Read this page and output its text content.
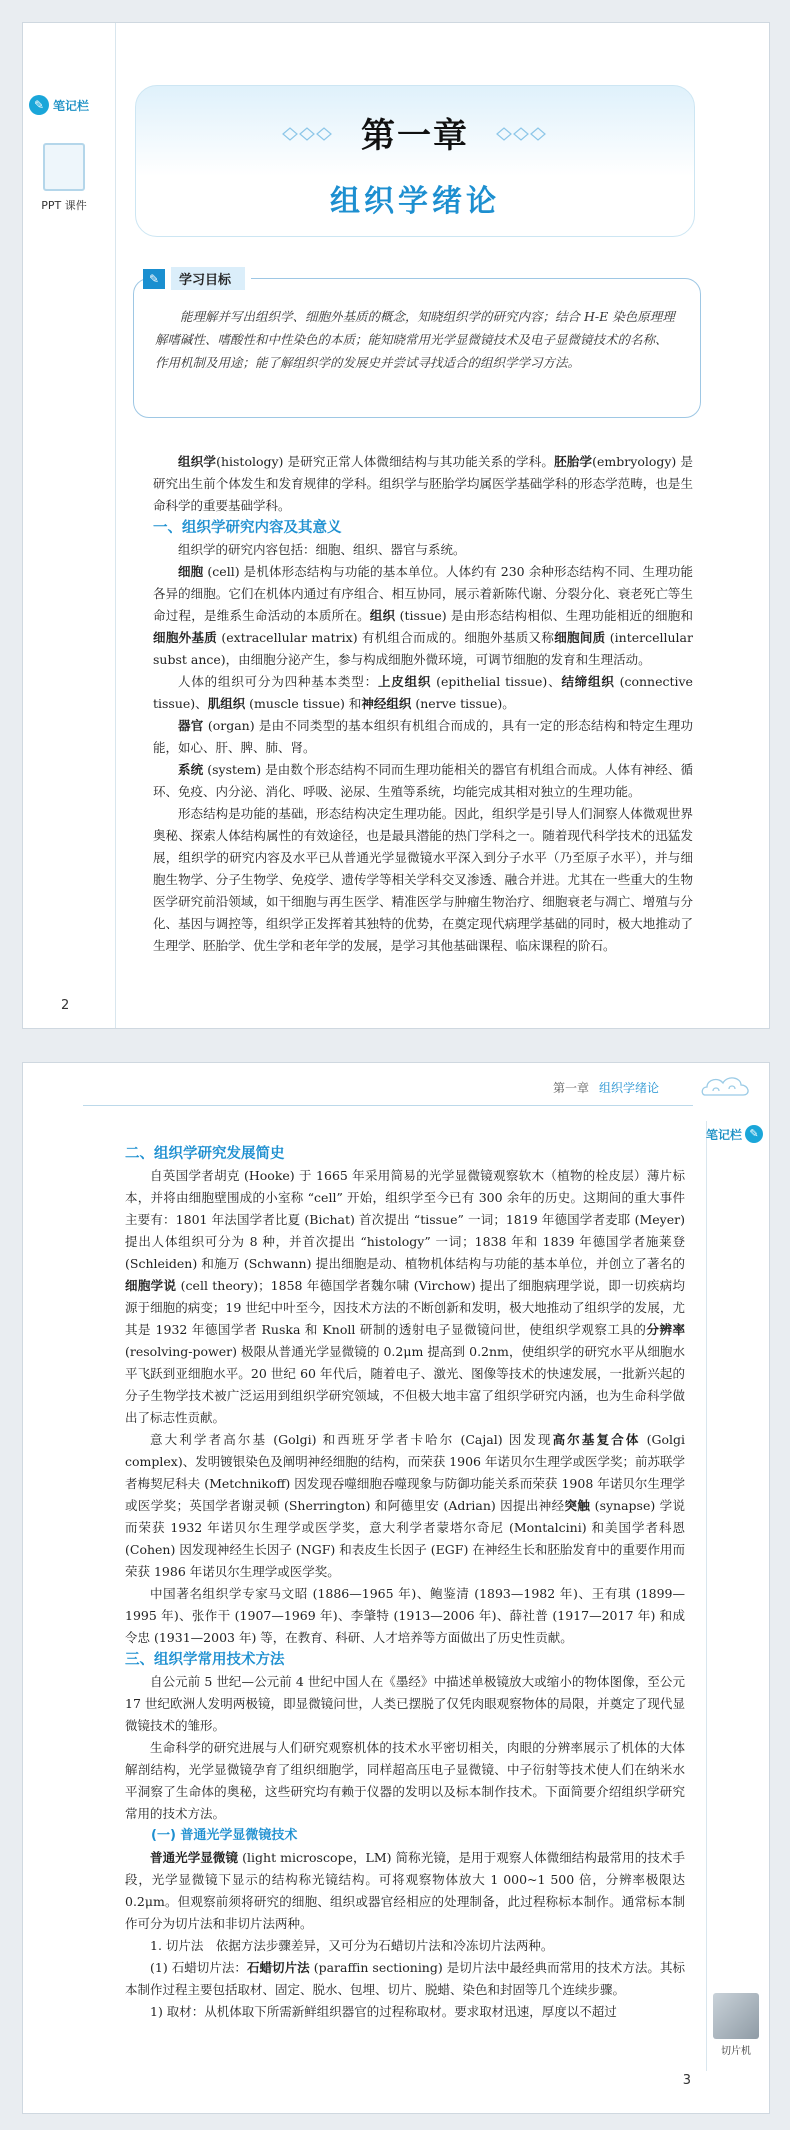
✎ 笔记栏
PPT 课件
第一章
组织学绪论
✎	学习目标
能理解并写出组织学、细胞外基质的概念，知晓组织学的研究内容；结合 H-E 染色原理理解嗜碱性、嗜酸性和中性染色的本质；能知晓常用光学显微镜技术及电子显微镜技术的名称、作用机制及用途；能了解组织学的发展史并尝试寻找适合的组织学学习方法。

组织学(histology) 是研究正常人体微细结构与其功能关系的学科。胚胎学(embryology) 是研究出生前个体发生和发育规律的学科。组织学与胚胎学均属医学基础学科的形态学范畴，也是生命科学的重要基础学科。

一、组织学研究内容及其意义

组织学的研究内容包括：细胞、组织、器官与系统。

细胞 (cell) 是机体形态结构与功能的基本单位。人体约有 230 余种形态结构不同、生理功能各异的细胞。它们在机体内通过有序组合、相互协同，展示着新陈代谢、分裂分化、衰老死亡等生命过程，是维系生命活动的本质所在。组织 (tissue) 是由形态结构相似、生理功能相近的细胞和细胞外基质 (extracellular matrix) 有机组合而成的。细胞外基质又称细胞间质 (intercellular subst ance)，由细胞分泌产生，参与构成细胞外微环境，可调节细胞的发育和生理活动。

人体的组织可分为四种基本类型：上皮组织 (epithelial tissue)、结缔组织 (connective tissue)、肌组织 (muscle tissue) 和神经组织 (nerve tissue)。

器官 (organ) 是由不同类型的基本组织有机组合而成的，具有一定的形态结构和特定生理功能，如心、肝、脾、肺、肾。

系统 (system) 是由数个形态结构不同而生理功能相关的器官有机组合而成。人体有神经、循环、免疫、内分泌、消化、呼吸、泌尿、生殖等系统，均能完成其相对独立的生理功能。

形态结构是功能的基础，形态结构决定生理功能。因此，组织学是引导人们洞察人体微观世界奥秘、探索人体结构属性的有效途径，也是最具潜能的热门学科之一。随着现代科学技术的迅猛发展，组织学的研究内容及水平已从普通光学显微镜水平深入到分子水平（乃至原子水平），并与细胞生物学、分子生物学、免疫学、遗传学等相关学科交叉渗透、融合并进。尤其在一些重大的生物医学研究前沿领域，如干细胞与再生医学、精准医学与肿瘤生物治疗、细胞衰老与凋亡、增殖与分化、基因与调控等，组织学正发挥着其独特的优势，在奠定现代病理学基础的同时，极大地推动了生理学、胚胎学、优生学和老年学的发展，是学习其他基础课程、临床课程的阶石。

2
第一章 组织学绪论
笔记栏 ✎

二、组织学研究发展简史

自英国学者胡克 (Hooke) 于 1665 年采用简易的光学显微镜观察软木（植物的栓皮层）薄片标本，并将由细胞壁围成的小室称 “cell” 开始，组织学至今已有 300 余年的历史。这期间的重大事件主要有：1801 年法国学者比夏 (Bichat) 首次提出 “tissue” 一词；1819 年德国学者麦耶 (Meyer) 提出人体组织可分为 8 种，并首次提出 “histology” 一词；1838 年和 1839 年德国学者施莱登 (Schleiden) 和施万 (Schwann) 提出细胞是动、植物机体结构与功能的基本单位，并创立了著名的细胞学说 (cell theory)；1858 年德国学者魏尔啸 (Virchow) 提出了细胞病理学说，即一切疾病均源于细胞的病变；19 世纪中叶至今，因技术方法的不断创新和发明，极大地推动了组织学的发展，尤其是 1932 年德国学者 Ruska 和 Knoll 研制的透射电子显微镜问世，使组织学观察工具的分辨率 (resolving-power) 极限从普通光学显微镜的 0.2μm 提高到 0.2nm，使组织学的研究水平从细胞水平飞跃到亚细胞水平。20 世纪 60 年代后，随着电子、激光、图像等技术的快速发展，一批新兴起的分子生物学技术被广泛运用到组织学研究领域，不但极大地丰富了组织学研究内涵，也为生命科学做出了标志性贡献。

意大利学者高尔基 (Golgi) 和西班牙学者卡哈尔 (Cajal) 因发现高尔基复合体 (Golgi complex)、发明镀银染色及阐明神经细胞的结构，而荣获 1906 年诺贝尔生理学或医学奖；前苏联学者梅契尼科夫 (Metchnikoff) 因发现吞噬细胞吞噬现象与防御功能关系而荣获 1908 年诺贝尔生理学或医学奖；英国学者谢灵顿 (Sherrington) 和阿德里安 (Adrian) 因提出神经突触 (synapse) 学说而荣获 1932 年诺贝尔生理学或医学奖，意大利学者蒙塔尔奇尼 (Montalcini) 和美国学者科恩 (Cohen) 因发现神经生长因子 (NGF) 和表皮生长因子 (EGF) 在神经生长和胚胎发育中的重要作用而荣获 1986 年诺贝尔生理学或医学奖。

中国著名组织学专家马文昭 (1886—1965 年)、鲍鉴清 (1893—1982 年)、王有琪 (1899—1995 年)、张作干 (1907—1969 年)、李肇特 (1913—2006 年)、薛社普 (1917—2017 年) 和成令忠 (1931—2003 年) 等，在教育、科研、人才培养等方面做出了历史性贡献。

三、组织学常用技术方法

自公元前 5 世纪—公元前 4 世纪中国人在《墨经》中描述单极镜放大或缩小的物体图像，至公元 17 世纪欧洲人发明两极镜，即显微镜问世，人类已摆脱了仅凭肉眼观察物体的局限，并奠定了现代显微镜技术的雏形。

生命科学的研究进展与人们研究观察机体的技术水平密切相关，肉眼的分辨率展示了机体的大体解剖结构，光学显微镜孕育了组织细胞学，同样超高压电子显微镜、中子衍射等技术使人们在纳米水平洞察了生命体的奥秘，这些研究均有赖于仪器的发明以及标本制作技术。下面简要介绍组织学研究常用的技术方法。

(一) 普通光学显微镜技术

普通光学显微镜 (light microscope，LM) 简称光镜，是用于观察人体微细结构最常用的技术手段，光学显微镜下显示的结构称光镜结构。可将观察物体放大 1 000~1 500 倍，分辨率极限达 0.2μm。但观察前须将研究的细胞、组织或器官经相应的处理制备，此过程称标本制作。通常标本制作可分为切片法和非切片法两种。

1. 切片法　依据方法步骤差异，又可分为石蜡切片法和冷冻切片法两种。

(1) 石蜡切片法：石蜡切片法 (paraffin sectioning) 是切片法中最经典而常用的技术方法。其标本制作过程主要包括取材、固定、脱水、包埋、切片、脱蜡、染色和封固等几个连续步骤。

1) 取材：从机体取下所需新鲜组织器官的过程称取材。要求取材迅速，厚度以不超过

切片机
3
